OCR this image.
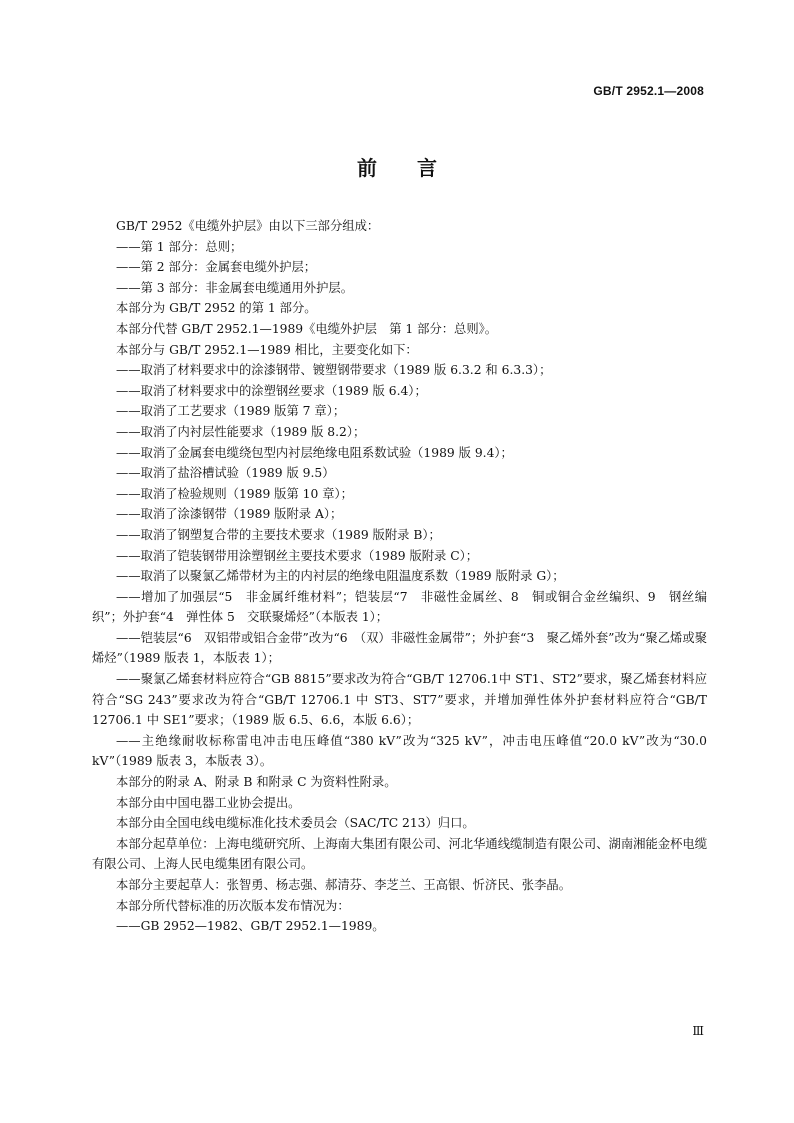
GB/T 2952.1—2008
前言

GB/T 2952《电缆外护层》由以下三部分组成：

——第 1 部分：总则；

——第 2 部分：金属套电缆外护层；

——第 3 部分：非金属套电缆通用外护层。

本部分为 GB/T 2952 的第 1 部分。

本部分代替 GB/T 2952.1—1989《电缆外护层　第 1 部分：总则》。

本部分与 GB/T 2952.1—1989 相比，主要变化如下：

——取消了材料要求中的涂漆钢带、镀塑钢带要求（1989 版 6.3.2 和 6.3.3）；

——取消了材料要求中的涂塑钢丝要求（1989 版 6.4）；

——取消了工艺要求（1989 版第 7 章）；

——取消了内衬层性能要求（1989 版 8.2）；

——取消了金属套电缆绕包型内衬层绝缘电阻系数试验（1989 版 9.4）；

——取消了盐浴槽试验（1989 版 9.5）

——取消了检验规则（1989 版第 10 章）；

——取消了涂漆钢带（1989 版附录 A）；

——取消了钢塑复合带的主要技术要求（1989 版附录 B）；

——取消了铠装钢带用涂塑钢丝主要技术要求（1989 版附录 C）；

——取消了以聚氯乙烯带材为主的内衬层的绝缘电阻温度系数（1989 版附录 G）；

——增加了加强层“5　非金属纤维材料”；铠装层“7　非磁性金属丝、8　铜或铜合金丝编织、9　钢丝编织”；外护套“4　弹性体 5　交联聚烯烃”（本版表 1）；

——铠装层“6　双铝带或铝合金带”改为“6　（双）非磁性金属带”；外护套“3　聚乙烯外套”改为“聚乙烯或聚烯烃”（1989 版表 1，本版表 1）；

——聚氯乙烯套材料应符合“GB 8815”要求改为符合“GB/T 12706.1中 ST1、ST2”要求，聚乙烯套材料应符合“SG 243”要求改为符合“GB/T 12706.1 中 ST3、ST7”要求，并增加弹性体外护套材料应符合“GB/T 12706.1 中 SE1”要求；（1989 版 6.5、6.6，本版 6.6）；

——主绝缘耐收标称雷电冲击电压峰值“380 kV”改为“325 kV”，冲击电压峰值“20.0 kV”改为“30.0 kV”（1989 版表 3，本版表 3）。

本部分的附录 A、附录 B 和附录 C 为资料性附录。

本部分由中国电器工业协会提出。

本部分由全国电线电缆标准化技术委员会（SAC/TC 213）归口。

本部分起草单位：上海电缆研究所、上海南大集团有限公司、河北华通线缆制造有限公司、湖南湘能金杯电缆有限公司、上海人民电缆集团有限公司。

本部分主要起草人：张智勇、杨志强、郝清芬、李芝兰、王高银、忻济民、张李晶。

本部分所代替标准的历次版本发布情况为：

——GB 2952—1982、GB/T 2952.1—1989。

Ⅲ
